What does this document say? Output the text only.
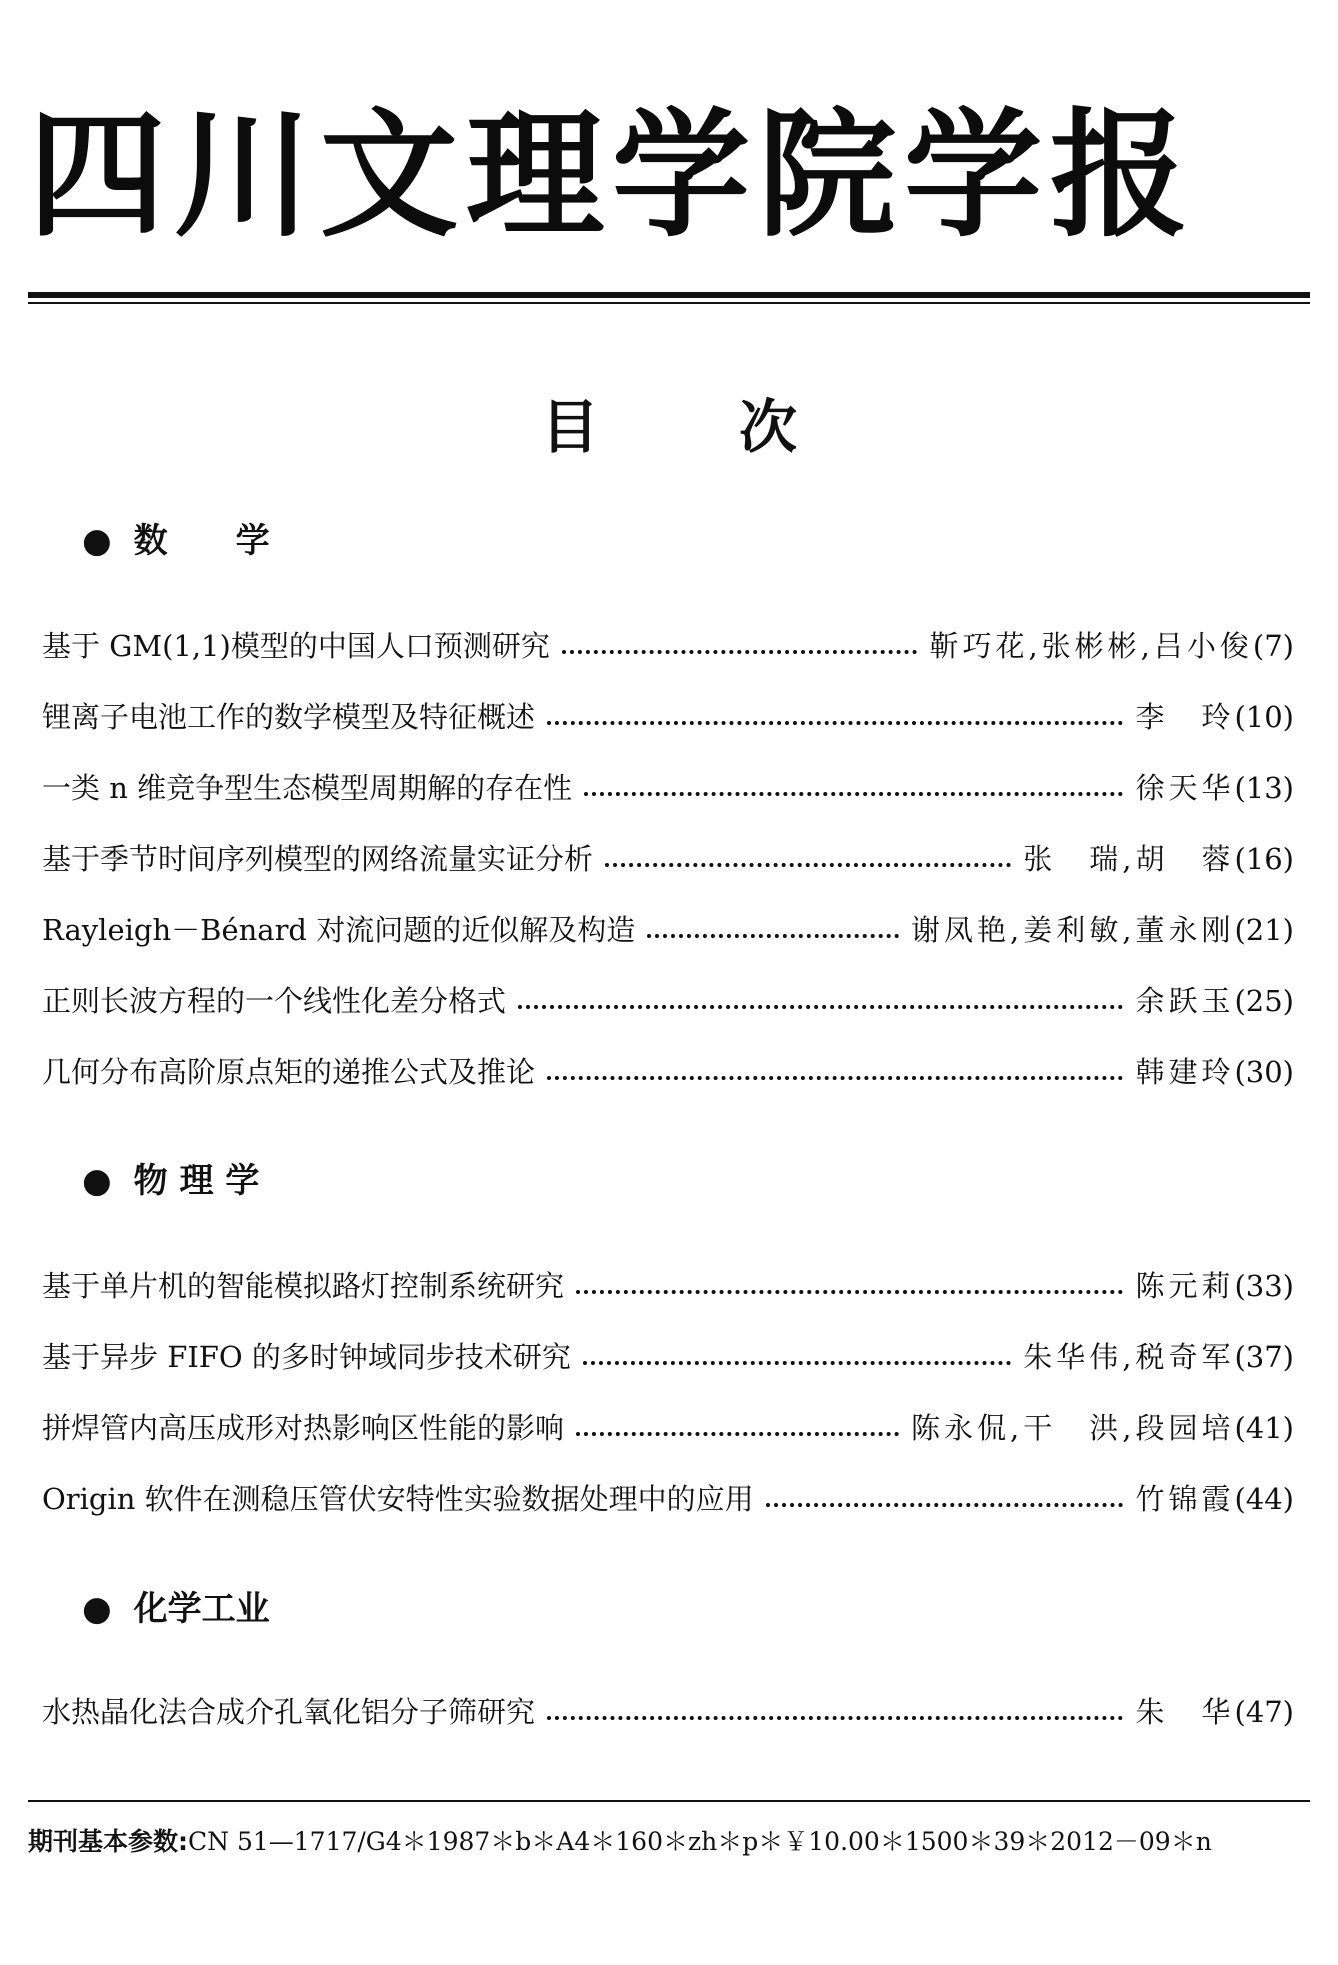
四川文理学院学报
目次
● 数　　学
基于 GM(1,1)模型的中国人口预测研究	靳巧花,张彬彬,吕小俊 (7)
锂离子电池工作的数学模型及特征概述	李　玲 (10)
一类 n 维竞争型生态模型周期解的存在性	徐天华 (13)
基于季节时间序列模型的网络流量实证分析	张　瑞,胡　蓉 (16)
Rayleigh－Bénard 对流问题的近似解及构造	谢凤艳,姜利敏,董永刚 (21)
正则长波方程的一个线性化差分格式	余跃玉 (25)
几何分布高阶原点矩的递推公式及推论	韩建玲 (30)
● 物 理 学
基于单片机的智能模拟路灯控制系统研究	陈元莉 (33)
基于异步 FIFO 的多时钟域同步技术研究	朱华伟,税奇军 (37)
拼焊管内高压成形对热影响区性能的影响	陈永侃,干　洪,段园培 (41)
Origin 软件在测稳压管伏安特性实验数据处理中的应用	竹锦霞 (44)
● 化学工业
水热晶化法合成介孔氧化铝分子筛研究	朱　华 (47)
期刊基本参数:CN 51—1717/G4＊1987＊b＊A4＊160＊zh＊p＊￥10.00＊1500＊39＊2012－09＊n
